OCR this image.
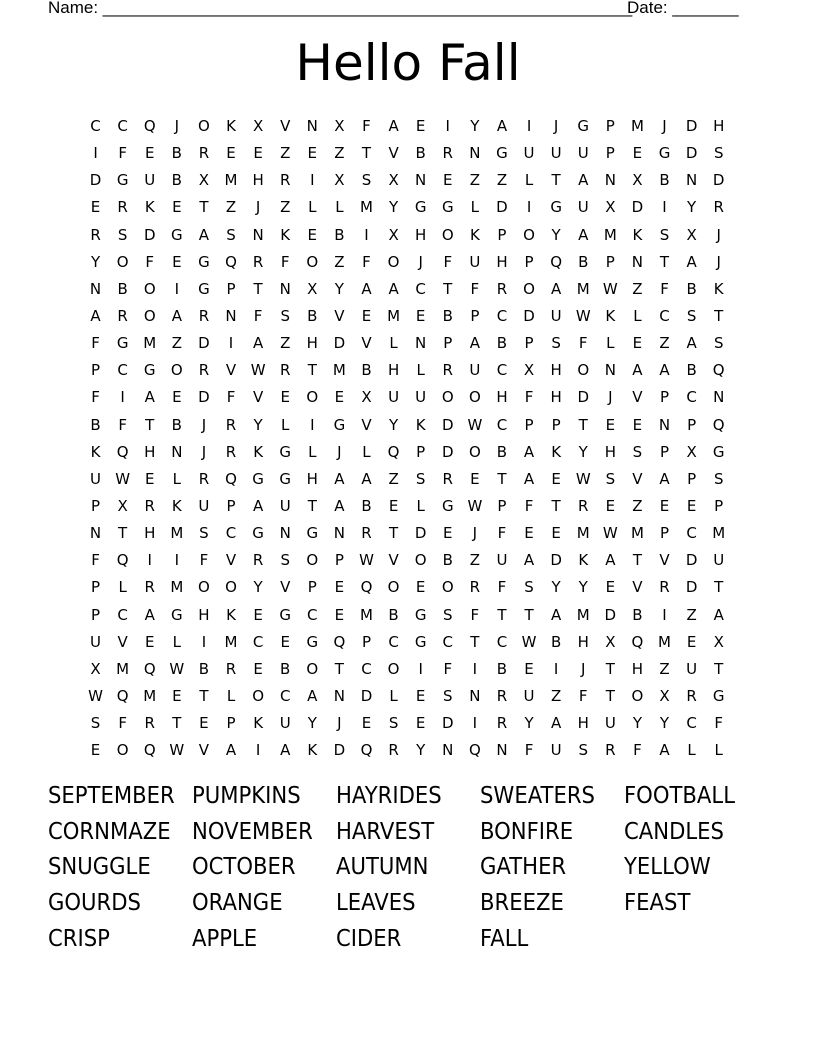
Name: ________________________________________________________
Date: _______
Hello Fall
C	C	Q	J	O	K	X	V	N	X	F	A	E	I	Y	A	I	J	G	P	M	J	D	H
I	F	E	B	R	E	E	Z	E	Z	T	V	B	R	N	G	U	U	U	P	E	G	D	S
D	G	U	B	X	M H	R	I	X	S	X	N	E	Z	Z	L	T	A	N	X	B	N	D
E	R	K	E	T	Z	J	Z	L	L	M	Y	G	G	L	D	I	G	U	X	D	I	Y	R
R	S	D	G	A	S	N	K	E	B	I	X	H	O	K	P	O	Y	A	M	K	S	X	J
Y	O	F	E	G	Q	R	F	O	Z	F	O	J	F	U	H	P	Q	B	P	N	T	A	J
N	B	O	I	G	P	T	N	X	Y	A	A	C	T	F	R	O	A	M W Z	F	B	K
A	R	O	A	R	N	F	S	B	V	E	M	E	B	P	C	D	U W K	L	C	S	T
F	G M	Z	D	I	A	Z	H	D	V	L	N	P	A	B	P	S	F	L	E	Z	A	S
P	C	G	O	R	V W R	T	M	B	H	L	R	U	C	X	H	O	N	A	A	B	Q
F	I	A	E	D	F	V	E	O	E	X	U	U	O	O	H	F	H	D	J	V	P	C	N
B	F	T	B	J	R	Y	L	I	G	V	Y	K	D W C	P	P	T	E	E	N	P	Q
K	Q	H	N	J	R	K	G	L	J	L	Q	P	D	O	B	A	K	Y	H	S	P	X	G
U W E	L	R	Q	G	G	H	A	A	Z	S	R	E	T	A	E W S	V	A	P	S
P	X	R	K	U	P	A	U	T	A	B	E	L	G W	P	F	T	R	E	Z	E	E	P
N	T	H M	S	C	G	N	G	N	R	T	D	E	J	F	E	E	M W M	P	C	M
F	Q	I	I	F	V	R	S	O	P	W V	O	B	Z	U	A	D	K	A	T	V	D	U
P	L	R	M O	O	Y	V	P	E	Q	O	E	O	R	F	S	Y	Y	E	V	R	D	T
P	C	A	G	H	K	E	G	C	E	M	B	G	S	F	T	T	A	M D	B	I	Z	A
U	V	E	L	I	M	C	E	G	Q	P	C	G	C	T	C W B	H	X	Q M	E	X
X	M Q W B	R	E	B	O	T	C	O	I	F	I	B	E	I	J	T	H	Z	U	T
W Q M	E	T	L	O	C	A	N	D	L	E	S	N	R	U	Z	F	T	O	X	R	G
S	F	R	T	E	P	K	U	Y	J	E	S	E	D	I	R	Y	A	H	U	Y	Y	C	F
E	O	Q W V	A	I	A	K	D	Q	R	Y	N	Q	N	F	U	S	R	F	A	L	L
SEPTEMBER PUMPKINS	HAYRIDES	SWEATERS	FOOTBALL
CORNMAZE NOVEMBER	HARVEST	BONFIRE	CANDLES
SNUGGLE	OCTOBER	AUTUMN	GATHER	YELLOW
GOURDS	ORANGE	LEAVES	BREEZE	FEAST
CRISP	APPLE	CIDER	FALL
